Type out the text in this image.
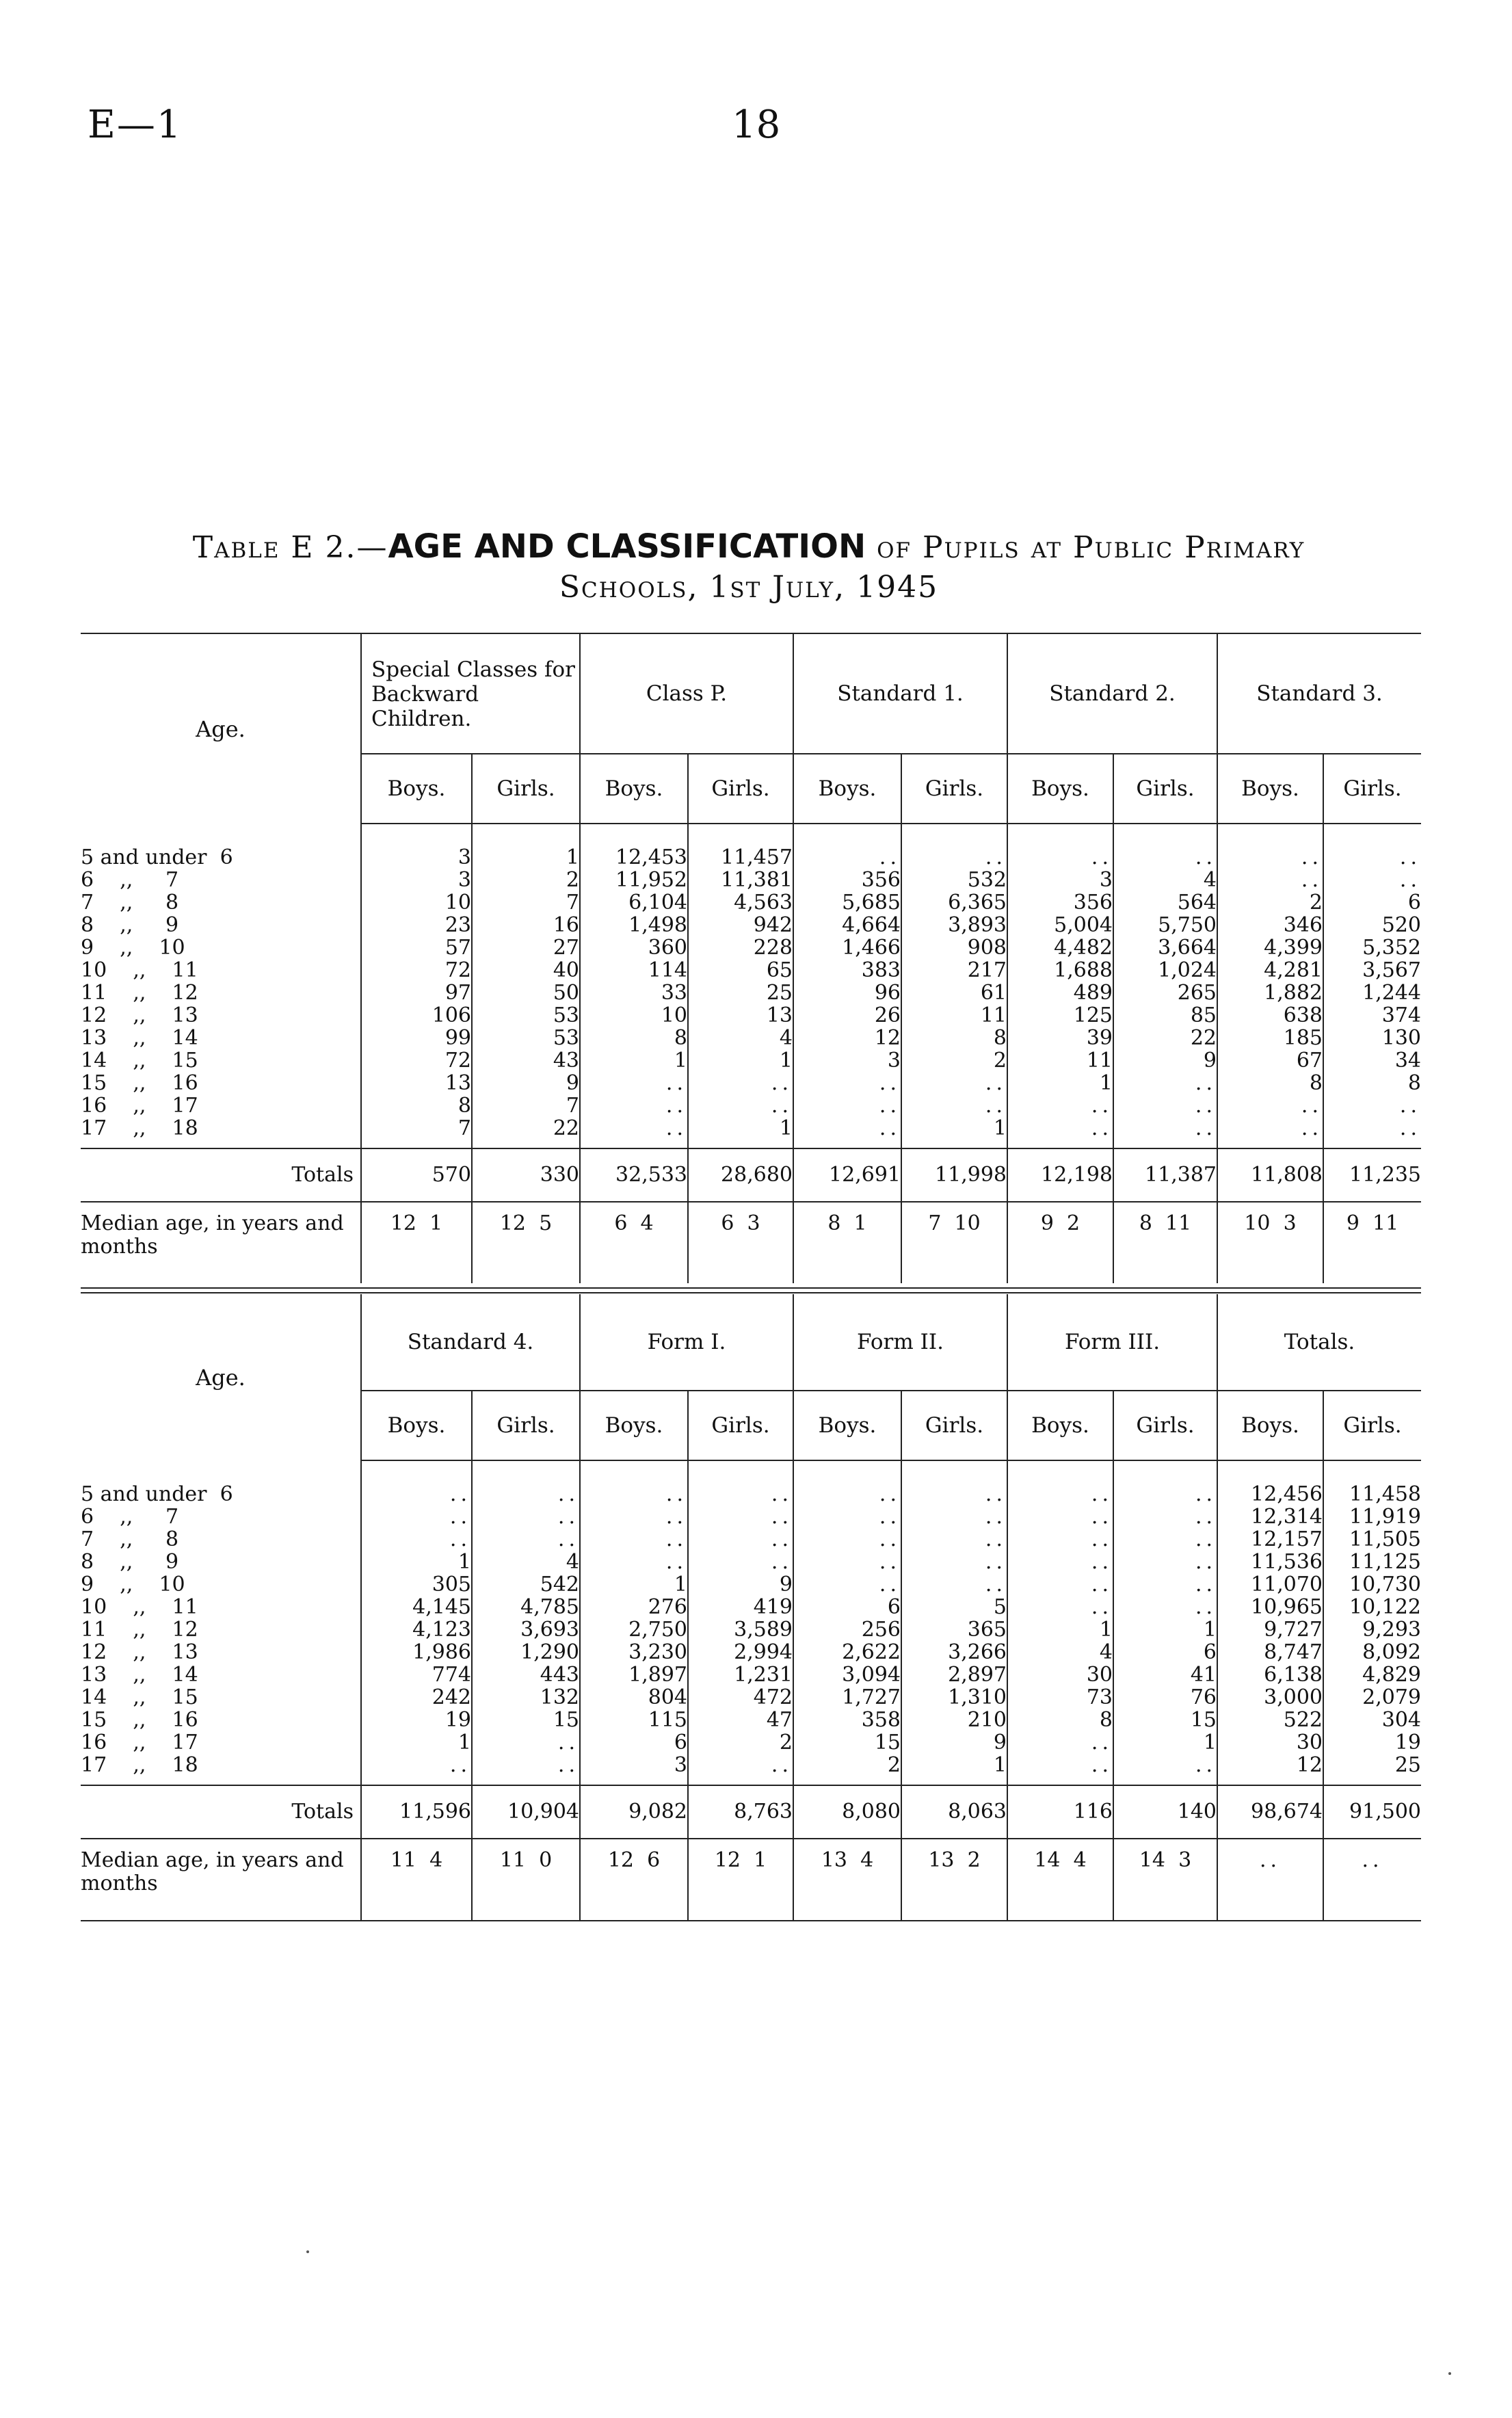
E—1	18
Table E 2.—AGE AND CLASSIFICATION of Pupils at Public Primary
Schools, 1st July, 1945
Age.	Special Classes for Backward Children.		Class P.		Standard 1.		Standard 2.		Standard 3.	
	Boys.	Girls.	Boys.	Girls.	Boys.	Girls.	Boys.	Girls.	Boys.	Girls.

5 and under  6	3	1	12,453	11,457	..	..	..	..	..	..
6    ,,     7	3	2	11,952	11,381	356	532	3	4	..	..
7    ,,     8	10	7	6,104	4,563	5,685	6,365	356	564	2	6
8    ,,     9	23	16	1,498	942	4,664	3,893	5,004	5,750	346	520
9    ,,    10	57	27	360	228	1,466	908	4,482	3,664	4,399	5,352
10    ,,    11	72	40	114	65	383	217	1,688	1,024	4,281	3,567
11    ,,    12	97	50	33	25	96	61	489	265	1,882	1,244
12    ,,    13	106	53	10	13	26	11	125	85	638	374
13    ,,    14	99	53	8	4	12	8	39	22	185	130
14    ,,    15	72	43	1	1	3	2	11	9	67	34
15    ,,    16	13	9	..	..	..	..	1	..	8	8
16    ,,    17	8	7	..	..	..	..	..	..	..	..
17    ,,    18	7	22	..	1	..	1	..	..	..	..

Totals	570	330	32,533	28,680	12,691	11,998	12,198	11,387	11,808	11,235
Median age, in years and months	12  1	12  5	6  4	6  3	8  1	7  10	9  2	8  11	10  3	9  11
Age.	Standard 4.		Form I.		Form II.		Form III.		Totals.	
	Boys.	Girls.	Boys.	Girls.	Boys.	Girls.	Boys.	Girls.	Boys.	Girls.

5 and under  6	..	..	..	..	..	..	..	..	12,456	11,458
6    ,,     7	..	..	..	..	..	..	..	..	12,314	11,919
7    ,,     8	..	..	..	..	..	..	..	..	12,157	11,505
8    ,,     9	1	4	..	..	..	..	..	..	11,536	11,125
9    ,,    10	305	542	1	9	..	..	..	..	11,070	10,730
10    ,,    11	4,145	4,785	276	419	6	5	..	..	10,965	10,122
11    ,,    12	4,123	3,693	2,750	3,589	256	365	1	1	9,727	9,293
12    ,,    13	1,986	1,290	3,230	2,994	2,622	3,266	4	6	8,747	8,092
13    ,,    14	774	443	1,897	1,231	3,094	2,897	30	41	6,138	4,829
14    ,,    15	242	132	804	472	1,727	1,310	73	76	3,000	2,079
15    ,,    16	19	15	115	47	358	210	8	15	522	304
16    ,,    17	1	..	6	2	15	9	..	1	30	19
17    ,,    18	..	..	3	..	2	1	..	..	12	25

Totals	11,596	10,904	9,082	8,763	8,080	8,063	116	140	98,674	91,500
Median age, in years and months	11  4	11  0	12  6	12  1	13  4	13  2	14  4	14  3	..	..
